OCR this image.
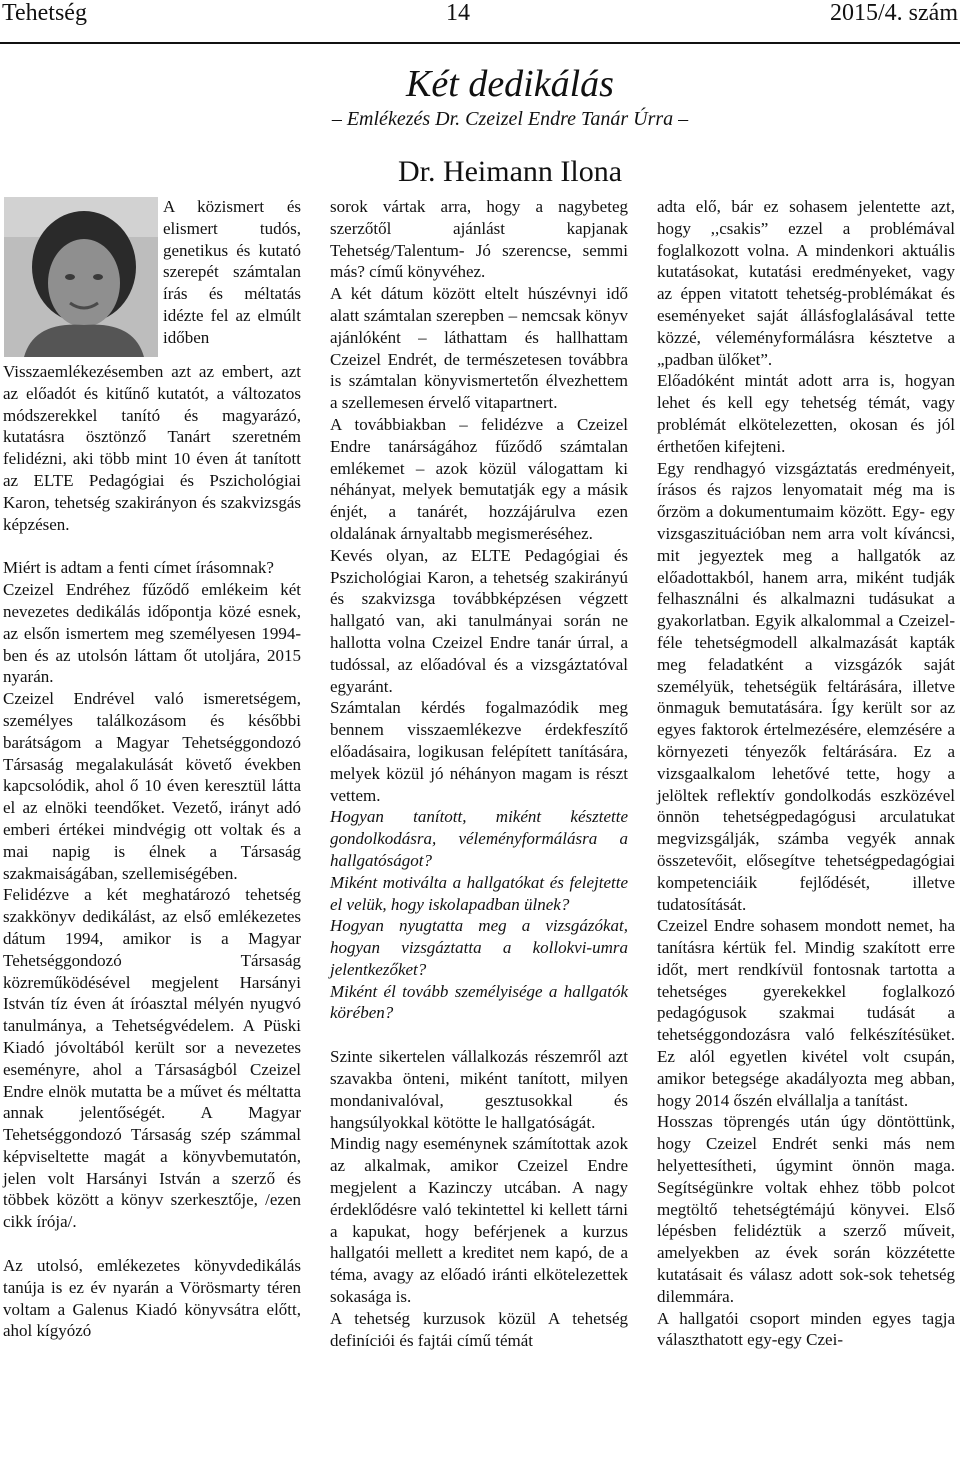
Tehetség	14	2015/4. szám
Két dedikálás
– Emlékezés Dr. Czeizel Endre Tanár Úrra –
Dr. Heimann Ilona

A közismert és elismert tudós, genetikus és kutató szerepét számtalan írás és méltatás idézte fel az elmúlt időben Visszaemlékezésemben azt az embert, azt az előadót és kitűnő kutatót, a változatos módszerekkel tanító és magyarázó, kutatásra ösztönző Tanárt szeretném felidézni, aki több mint 10 éven át tanított az ELTE Pedagógiai és Pszichológiai Karon, tehetség szakirányon és szakvizsgás képzésen.

Miért is adtam a fenti címet írásomnak?

Czeizel Endréhez fűződő emlékeim két nevezetes dedikálás időpontja közé esnek, az elsőn ismertem meg személyesen 1994-ben és az utolsón láttam őt utoljára, 2015 nyarán.

Czeizel Endrével való ismeretségem, személyes találkozásom és későbbi barátságom a Magyar Tehetséggondozó Társaság megalakulását követő években kapcsolódik, ahol ő 10 éven keresztül látta el az elnöki teendőket. Vezető, irányt adó emberi értékei mindvégig ott voltak és a mai napig is élnek a Társaság szakmaiságában, szellemiségében.

Felidézve a két meghatározó tehetség szakkönyv dedikálást, az első emlékezetes dátum 1994, amikor is a Magyar Tehetséggondozó Társaság közreműködésével megjelent Harsányi István tíz éven át íróasztal mélyén nyugvó tanulmánya, a Tehetségvédelem. A Püski Kiadó jóvoltából került sor a nevezetes eseményre, ahol a Társaságból Czeizel Endre elnök mutatta be a művet és méltatta annak jelentőségét. A Magyar Tehetséggondozó Társaság szép számmal képviseltette magát a könyvbemutatón, jelen volt Harsányi István a szerző és többek között a könyv szerkesztője, /ezen cikk írója/.

Az utolsó, emlékezetes könyvdedikálás tanúja is ez év nyarán a Vörösmarty téren voltam a Galenus Kiadó könyvsátra előtt, ahol kígyózó

sorok vártak arra, hogy a nagybeteg szerzőtől ajánlást kapjanak Tehetség/Talentum- Jó szerencse, semmi más? című könyvéhez.

A két dátum között eltelt húszévnyi idő alatt számtalan szerepben – nemcsak könyv ajánlóként – láthattam és hallhattam Czeizel Endrét, de természetesen továbbra is számtalan könyvismertetőn élvezhettem a szellemesen érvelő vitapartnert.

A továbbiakban – felidézve a Czeizel Endre tanárságához fűződő számtalan emlékemet – azok közül válogattam ki néhányat, melyek bemutatják egy a másik énjét, a tanárét, hozzájárulva ezen oldalának árnyaltabb megismeréséhez.

Kevés olyan, az ELTE Pedagógiai és Pszichológiai Karon, a tehetség szakirányú és szakvizsga továbbképzésen végzett hallgató van, aki tanulmányai során ne hallotta volna Czeizel Endre tanár úrral, a tudóssal, az előadóval és a vizsgáztatóval egyaránt.

Számtalan kérdés fogalmazódik meg bennem visszaemlékezve érdekfeszítő előadásaira, logikusan felépített tanítására, melyek közül jó néhányon magam is részt vettem.

Hogyan tanított, miként késztette gondolkodásra, véleményformálásra a hallgatóságot?

Miként motiválta a hallgatókat és felejtette el velük, hogy iskolapadban ülnek?

Hogyan nyugtatta meg a vizsgázókat, hogyan vizsgáztatta a kollokvi-umra jelentkezőket?

Miként él tovább személyisége a hallgatók körében?

Szinte sikertelen vállalkozás részemről azt szavakba önteni, miként tanított, milyen mondanivalóval, gesztusokkal és hangsúlyokkal kötötte le hallgatóságát.

Mindig nagy eseménynek számítottak azok az alkalmak, amikor Czeizel Endre megjelent a Kazinczy utcában. A nagy érdeklődésre való tekintettel ki kellett tárni a kapukat, hogy beférjenek a kurzus hallgatói mellett a kreditet nem kapó, de a téma, avagy az előadó iránti elkötelezettek sokasága is.

A tehetség kurzusok közül A tehetség definíciói és fajtái című témát

adta elő, bár ez sohasem jelentette azt, hogy ,,csakis” ezzel a problémával foglalkozott volna. A mindenkori aktuális kutatásokat, kutatási eredményeket, vagy az éppen vitatott tehetség-problémákat és eseményeket saját állásfoglalásával tette közzé, véleményformálásra késztetve a „padban ülőket”.

Előadóként mintát adott arra is, hogyan lehet és kell egy tehetség témát, vagy problémát elkötelezetten, okosan és jól érthetően kifejteni.

Egy rendhagyó vizsgáztatás eredményeit, írásos és rajzos lenyomatait még ma is őrzöm a dokumentumaim között. Egy- egy vizsgaszituációban nem arra volt kíváncsi, mit jegyeztek meg a hallgatók az előadottakból, hanem arra, miként tudják felhasználni és alkalmazni tudásukat a gyakorlatban. Egyik alkalommal a Czeizel-féle tehetségmodell alkalmazását kapták meg feladatként a vizsgázók saját személyük, tehetségük feltárására, illetve önmaguk bemutatására. Így került sor az egyes faktorok értelmezésére, elemzésére a környezeti tényezők feltárására. Ez a vizsgaalkalom lehetővé tette, hogy a jelöltek reflektív gondolkodás eszközével önnön tehetségpedagógusi arculatukat megvizsgálják, számba vegyék annak összetevőit, elősegítve tehetségpedagógiai kompetenciáik fejlődését, illetve tudatosítását.

Czeizel Endre sohasem mondott nemet, ha tanításra kértük fel. Mindig szakított erre időt, mert rendkívül fontosnak tartotta a tehetséges gyerekekkel foglalkozó pedagógusok szakmai tudását a tehetséggondozásra való felkészítésüket. Ez alól egyetlen kivétel volt csupán, amikor betegsége akadályozta meg abban, hogy 2014 őszén elvállalja a tanítást.

Hosszas töprengés után úgy döntöttünk, hogy Czeizel Endrét senki más nem helyettesítheti, úgymint önnön maga. Segítségünkre voltak ehhez több polcot megtöltő tehetségtémájú könyvei. Első lépésben felidéztük a szerző műveit, amelyekben az évek során közzétette kutatásait és válasz adott sok-sok tehetség dilemmára.

A hallgatói csoport minden egyes tagja választhatott egy-egy Czei-
